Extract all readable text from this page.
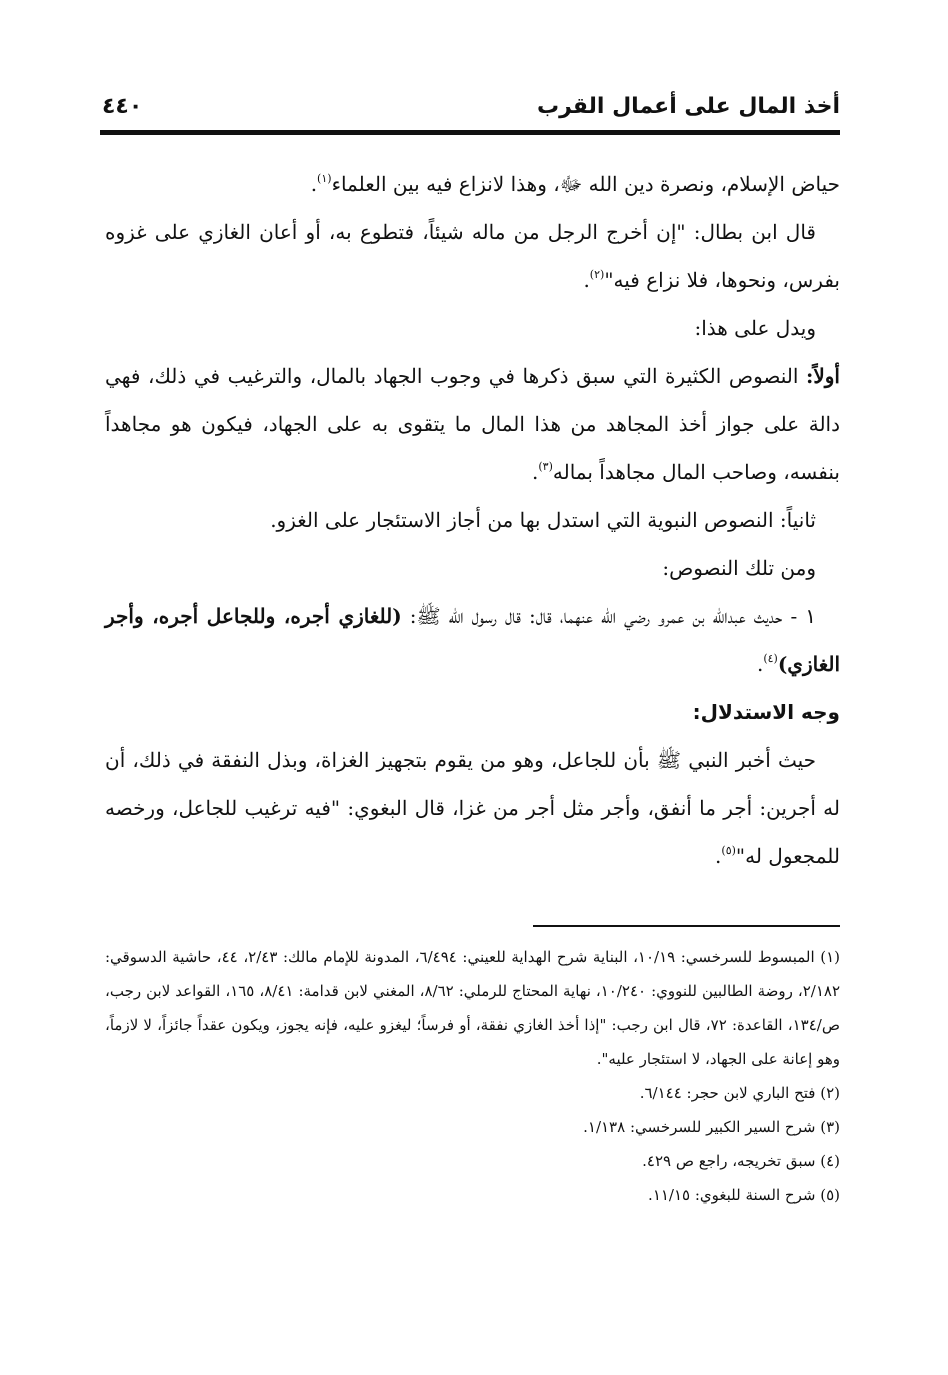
أخذ المال على أعمال القرب
٤٤٠

حياض الإسلام، ونصرة دين الله ﷻ، وهذا لانزاع فيه بين العلماء$^{(١)}$.

قال ابن بطال: "إن أخرج الرجل من ماله شيئاً، فتطوع به، أو أعان الغازي على غزوه بفرس، ونحوها، فلا نزاع فيه"$^{(٢)}$.

ويدل على هذا:

أولاً: النصوص الكثيرة التي سبق ذكرها في وجوب الجهاد بالمال، والترغيب في ذلك، فهي دالة على جواز أخذ المجاهد من هذا المال ما يتقوى به على الجهاد، فيكون هو مجاهداً بنفسه، وصاحب المال مجاهداً بماله$^{(٣)}$.

ثانياً: النصوص النبوية التي استدل بها من أجاز الاستئجار على الغزو.

ومن تلك النصوص:

١ - حديث عبدالله بن عمرو رضي الله عنهما، قال: قال رسول الله ﷺ: (للغازي أجره، وللجاعل أجره، وأجر الغازي)$^{(٤)}$.

وجه الاستدلال:

حيث أخبر النبي ﷺ بأن للجاعل، وهو من يقوم بتجهيز الغزاة، وبذل النفقة في ذلك، أن له أجرين: أجر ما أنفق، وأجر مثل أجر من غزا، قال البغوي: "فيه ترغيب للجاعل، ورخصه للمجعول له"$^{(٥)}$.

(١) المبسوط للسرخسي: ١٠/١٩، البناية شرح الهداية للعيني: ٦/٤٩٤، المدونة للإمام مالك: ٢/٤٣، ٤٤، حاشية الدسوقي: ٢/١٨٢، روضة الطالبين للنووي: ١٠/٢٤٠، نهاية المحتاج للرملي: ٨/٦٢، المغني لابن قدامة: ٨/٤١، ١٦٥، القواعد لابن رجب، ص/١٣٤، القاعدة: ٧٢، قال ابن رجب: "إذا أخذ الغازي نفقة، أو فرساً؛ ليغزو عليه، فإنه يجوز، ويكون عقداً جائزاً، لا لازماً، وهو إعانة على الجهاد، لا استئجار عليه".

(٢) فتح الباري لابن حجر: ٦/١٤٤.

(٣) شرح السير الكبير للسرخسي: ١/١٣٨.

(٤) سبق تخريجه، راجع ص ٤٢٩.

(٥) شرح السنة للبغوي: ١١/١٥.
